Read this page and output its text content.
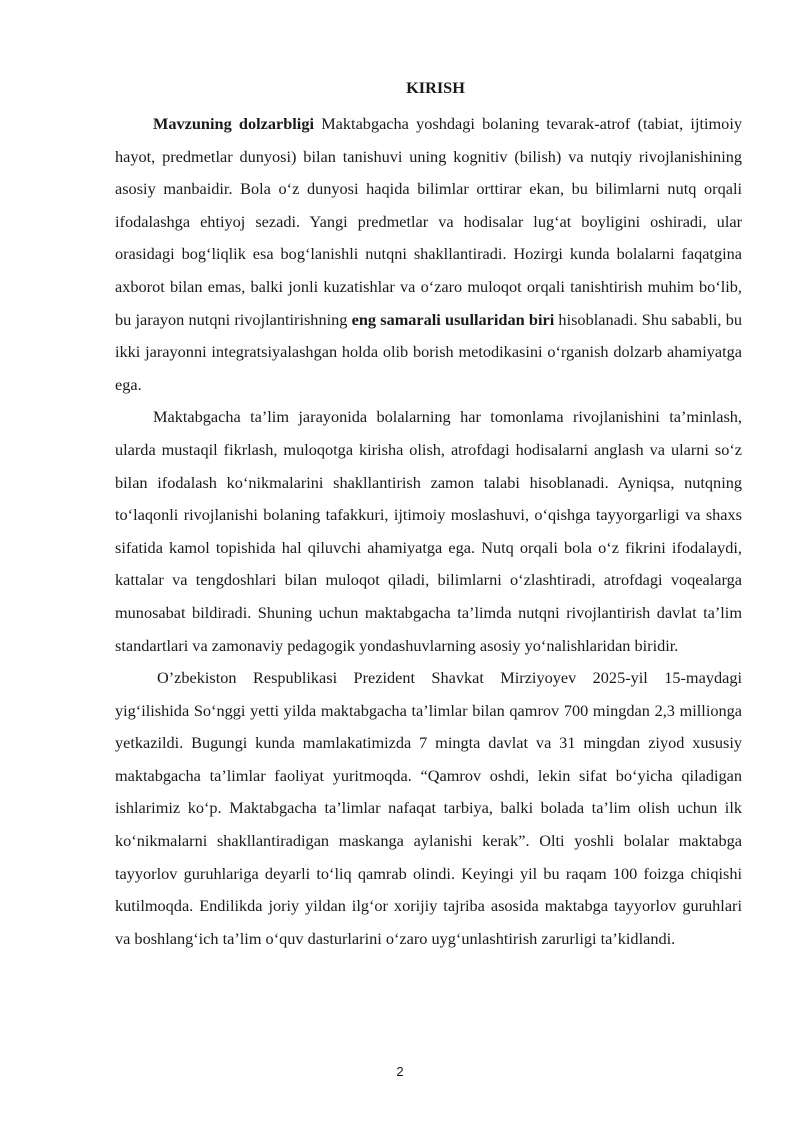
KIRISH

Mavzuning dolzarbligi Maktabgacha yoshdagi bolaning tevarak-atrof (tabiat, ijtimoiy hayot, predmetlar dunyosi) bilan tanishuvi uning kognitiv (bilish) va nutqiy rivojlanishining asosiy manbaidir. Bola o‘z dunyosi haqida bilimlar orttirar ekan, bu bilimlarni nutq orqali ifodalashga ehtiyoj sezadi. Yangi predmetlar va hodisalar lug‘at boyligini oshiradi, ular orasidagi bog‘liqlik esa bog‘lanishli nutqni shakllantiradi. Hozirgi kunda bolalarni faqatgina axborot bilan emas, balki jonli kuzatishlar va o‘zaro muloqot orqali tanishtirish muhim bo‘lib, bu jarayon nutqni rivojlantirishning eng samarali usullaridan biri hisoblanadi. Shu sababli, bu ikki jarayonni integratsiyalashgan holda olib borish metodikasini o‘rganish dolzarb ahamiyatga ega.

Maktabgacha ta’lim jarayonida bolalarning har tomonlama rivojlanishini ta’minlash, ularda mustaqil fikrlash, muloqotga kirisha olish, atrofdagi hodisalarni anglash va ularni so‘z bilan ifodalash ko‘nikmalarini shakllantirish zamon talabi hisoblanadi. Ayniqsa, nutqning to‘laqonli rivojlanishi bolaning tafakkuri, ijtimoiy moslashuvi, o‘qishga tayyorgarligi va shaxs sifatida kamol topishida hal qiluvchi ahamiyatga ega. Nutq orqali bola o‘z fikrini ifodalaydi, kattalar va tengdoshlari bilan muloqot qiladi, bilimlarni o‘zlashtiradi, atrofdagi voqealarga munosabat bildiradi. Shuning uchun maktabgacha ta’limda nutqni rivojlantirish davlat ta’lim standartlari va zamonaviy pedagogik yondashuvlarning asosiy yo‘nalishlaridan biridir.

O’zbekiston Respublikasi Prezident Shavkat Mirziyoyev 2025-yil 15-maydagi yig‘ilishida So‘nggi yetti yilda maktabgacha ta’limlar bilan qamrov 700 mingdan 2,3 millionga yetkazildi. Bugungi kunda mamlakatimizda 7 mingta davlat va 31 mingdan ziyod xususiy maktabgacha ta’limlar faoliyat yuritmoqda. “Qamrov oshdi, lekin sifat bo‘yicha qiladigan ishlarimiz ko‘p. Maktabgacha ta’limlar nafaqat tarbiya, balki bolada ta’lim olish uchun ilk ko‘nikmalarni shakllantiradigan maskanga aylanishi kerak”. Olti yoshli bolalar maktabga tayyorlov guruhlariga deyarli to‘liq qamrab olindi. Keyingi yil bu raqam 100 foizga chiqishi kutilmoqda. Endilikda joriy yildan ilg‘or xorijiy tajriba asosida maktabga tayyorlov guruhlari va boshlang‘ich ta’lim o‘quv dasturlarini o‘zaro uyg‘unlashtirish zarurligi ta’kidlandi.

2
